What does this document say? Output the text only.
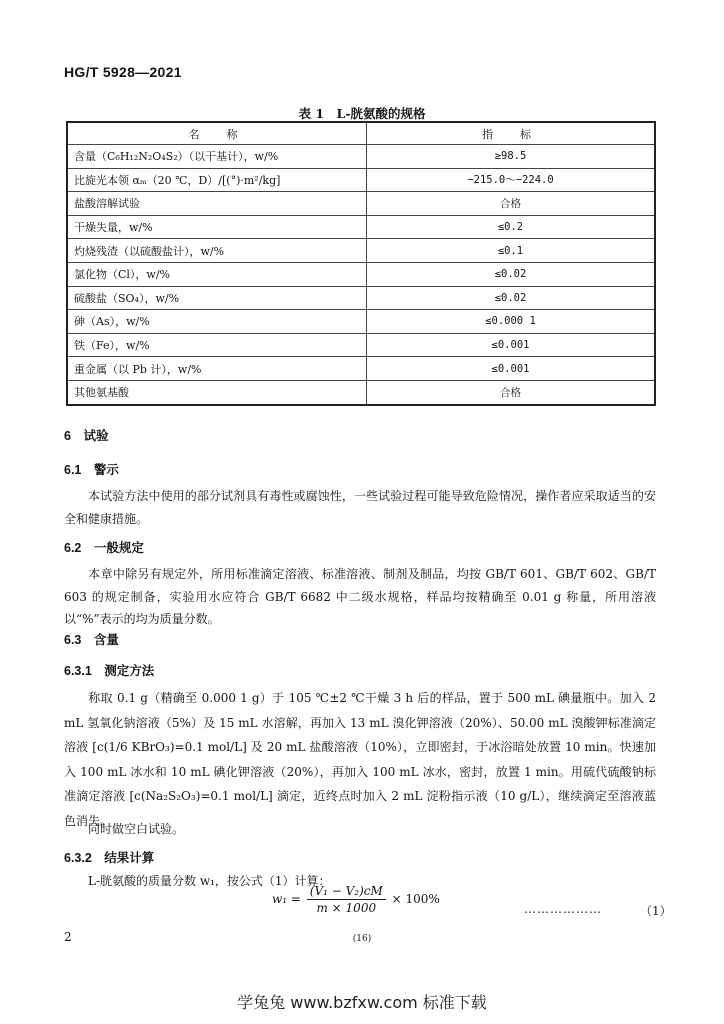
HG/T 5928—2021
表 1　L-胱氨酸的规格
名　称	指　标
含量（C₆H₁₂N₂O₄S₂）（以干基计），w/%	≥98.5
比旋光本领 αₘ（20 ℃，D）/[(°)·m²/kg]	−215.0～−224.0
盐酸溶解试验	合格
干燥失量，w/%	≤0.2
灼烧残渣（以硫酸盐计），w/%	≤0.1
氯化物（Cl），w/%	≤0.02
硫酸盐（SO₄），w/%	≤0.02
砷（As），w/%	≤0.000 1
铁（Fe），w/%	≤0.001
重金属（以 Pb 计），w/%	≤0.001
其他氨基酸	合格
6　试验
6.1　警示
本试验方法中使用的部分试剂具有毒性或腐蚀性，一些试验过程可能导致危险情况，操作者应采取适当的安全和健康措施。
6.2　一般规定
本章中除另有规定外，所用标准滴定溶液、标准溶液、制剂及制品，均按 GB/T 601、GB/T 602、GB/T 603 的规定制备，实验用水应符合 GB/T 6682 中二级水规格，样品均按精确至 0.01 g 称量，所用溶液以“%”表示的均为质量分数。
6.3　含量
6.3.1　测定方法
称取 0.1 g（精确至 0.000 1 g）于 105 ℃±2 ℃干燥 3 h 后的样品，置于 500 mL 碘量瓶中。加入 2 mL 氢氧化钠溶液（5%）及 15 mL 水溶解，再加入 13 mL 溴化钾溶液（20%）、50.00 mL 溴酸钾标准滴定溶液 [c(1/6 KBrO₃)=0.1 mol/L] 及 20 mL 盐酸溶液（10%），立即密封，于冰浴暗处放置 10 min。快速加入 100 mL 冰水和 10 mL 碘化钾溶液（20%），再加入 100 mL 冰水，密封，放置 1 min。用硫代硫酸钠标准滴定溶液 [c(Na₂S₂O₃)=0.1 mol/L] 滴定，近终点时加入 2 mL 淀粉指示液（10 g/L），继续滴定至溶液蓝色消失。
同时做空白试验。
6.3.2　结果计算
L-胱氨酸的质量分数 w₁，按公式（1）计算：
$w_1 = \frac{\text{(V₁ − V₂)cM}}{m \times 1000} \times 100\%$
………………	（1）
2	(16)
学兔兔 www.bzfxw.com 标准下载
